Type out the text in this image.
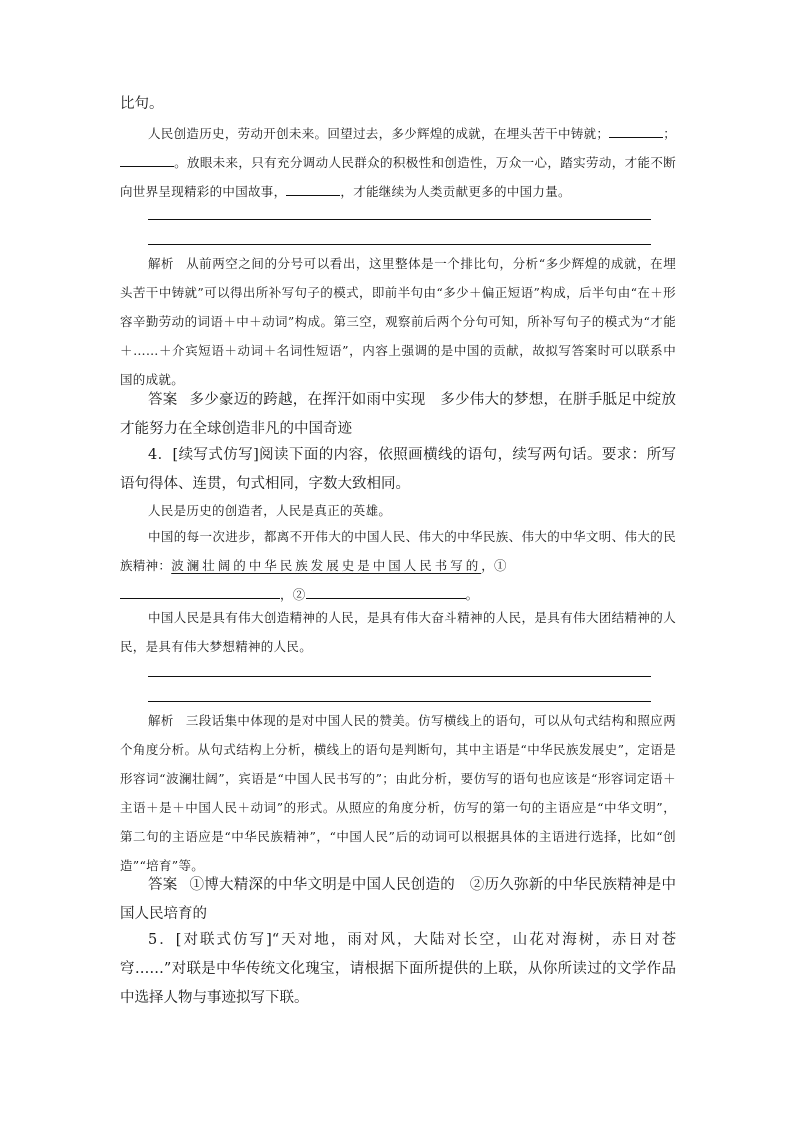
比句。

人民创造历史，劳动开创未来。回望过去，多少辉煌的成就，在埋头苦干中铸就；	；。放眼未来，只有充分调动人民群众的积极性和创造性，万众一心，踏实劳动，才能不断向世界呈现精彩的中国故事，	，才能继续为人类贡献更多的中国力量。

解析 从前两空之间的分号可以看出，这里整体是一个排比句，分析“多少辉煌的成就，在埋头苦干中铸就”可以得出所补写句子的模式，即前半句由“多少＋偏正短语”构成，后半句由“在＋形容辛勤劳动的词语＋中＋动词”构成。第三空，观察前后两个分句可知，所补写句子的模式为“才能＋……＋介宾短语＋动词＋名词性短语”，内容上强调的是中国的贡献，故拟写答案时可以联系中国的成就。

答案 多少豪迈的跨越，在挥汗如雨中实现　多少伟大的梦想，在胼手胝足中绽放　才能努力在全球创造非凡的中国奇迹

4．[续写式仿写]阅读下面的内容，依照画横线的语句，续写两句话。要求：所写语句得体、连贯，句式相同，字数大致相同。

人民是历史的创造者，人民是真正的英雄。

中国的每一次进步，都离不开伟大的中国人民、伟大的中华民族、伟大的中华文明、伟大的民族精神：波澜壮阔的中华民族发展史是中国人民书写的，①
，②	。

中国人民是具有伟大创造精神的人民，是具有伟大奋斗精神的人民，是具有伟大团结精神的人民，是具有伟大梦想精神的人民。

解析 三段话集中体现的是对中国人民的赞美。仿写横线上的语句，可以从句式结构和照应两个角度分析。从句式结构上分析，横线上的语句是判断句，其中主语是“中华民族发展史”，定语是形容词“波澜壮阔”，宾语是“中国人民书写的”；由此分析，要仿写的语句也应该是“形容词定语＋主语＋是＋中国人民＋动词”的形式。从照应的角度分析，仿写的第一句的主语应是“中华文明”，第二句的主语应是“中华民族精神”，“中国人民”后的动词可以根据具体的主语进行选择，比如“创造”“培育”等。

答案 ①博大精深的中华文明是中国人民创造的　②历久弥新的中华民族精神是中国人民培育的

5．[对联式仿写]“天对地，雨对风，大陆对长空，山花对海树，赤日对苍穹……”对联是中华传统文化瑰宝，请根据下面所提供的上联，从你所读过的文学作品中选择人物与事迹拟写下联。
